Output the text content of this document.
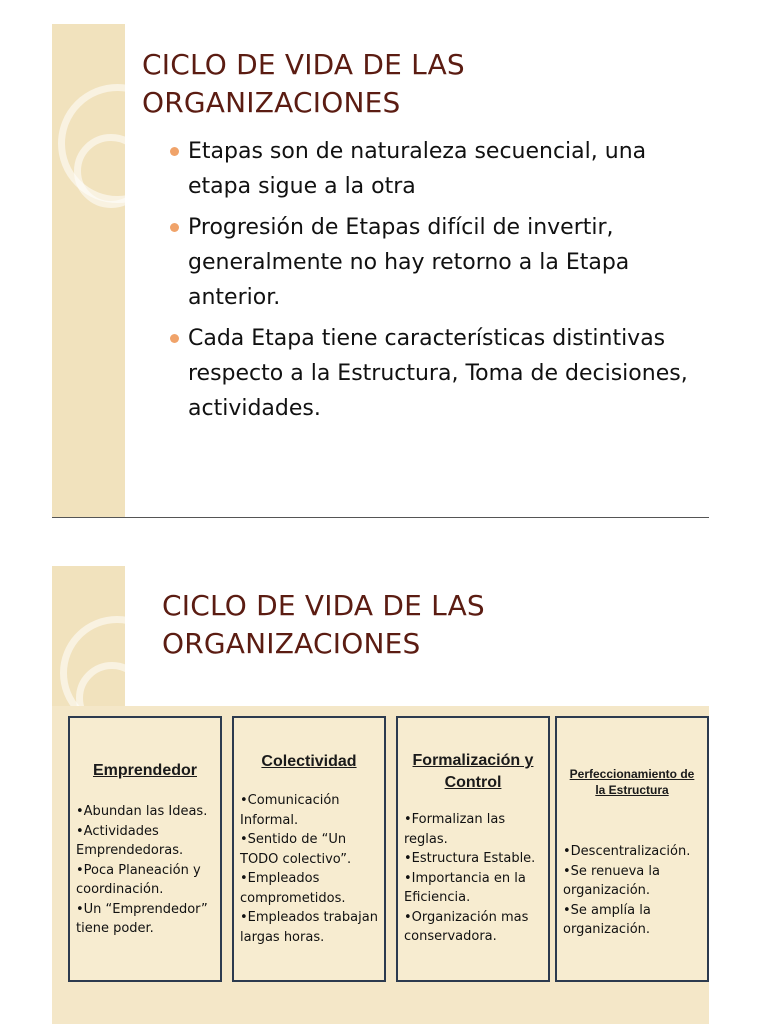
CICLO DE VIDA DE LAS
ORGANIZACIONES
Etapas son de naturaleza secuencial, una etapa sigue a la otra
Progresión de Etapas difícil de invertir, generalmente no hay retorno a la Etapa anterior.
Cada Etapa tiene características distintivas respecto a la Estructura, Toma de decisiones, actividades.
CICLO DE VIDA DE LAS
ORGANIZACIONES
Emprendedor
•Abundan las Ideas.
•Actividades Emprendedoras.
•Poca Planeación y coordinación.
•Un “Emprendedor” tiene poder.
Colectividad
•Comunicación Informal.
•Sentido de “Un TODO colectivo”.
•Empleados comprometidos.
•Empleados trabajan largas horas.
Formalización y Control
•Formalizan las reglas.
•Estructura Estable.
•Importancia en la Eficiencia.
•Organización mas conservadora.
Perfeccionamiento de la Estructura
•Descentralización.
•Se renueva la organización.
•Se amplía la organización.
